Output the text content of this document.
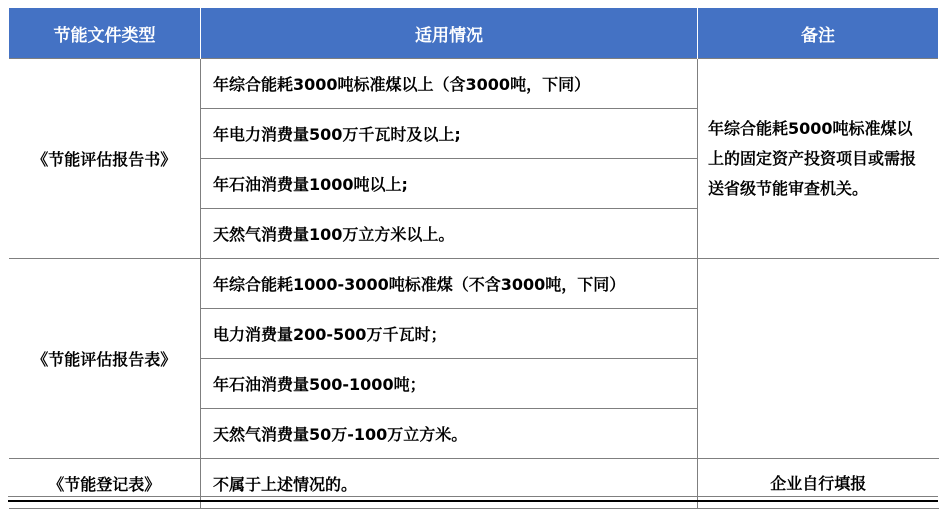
节能文件类型	适用情况	备注
《节能评估报告书》	年综合能耗3000吨标准煤以上（含3000吨，下同）	年综合能耗5000吨标准煤以上的固定资产投资项目或需报送省级节能审查机关。
	年电力消费量500万千瓦时及以上;	
	年石油消费量1000吨以上;	
	天然气消费量100万立方米以上。	
《节能评估报告表》	年综合能耗1000-3000吨标准煤（不含3000吨，下同）	
	电力消费量200-500万千瓦时；	
	年石油消费量500-1000吨；	
	天然气消费量50万-100万立方米。	
《节能登记表》	不属于上述情况的。	企业自行填报
